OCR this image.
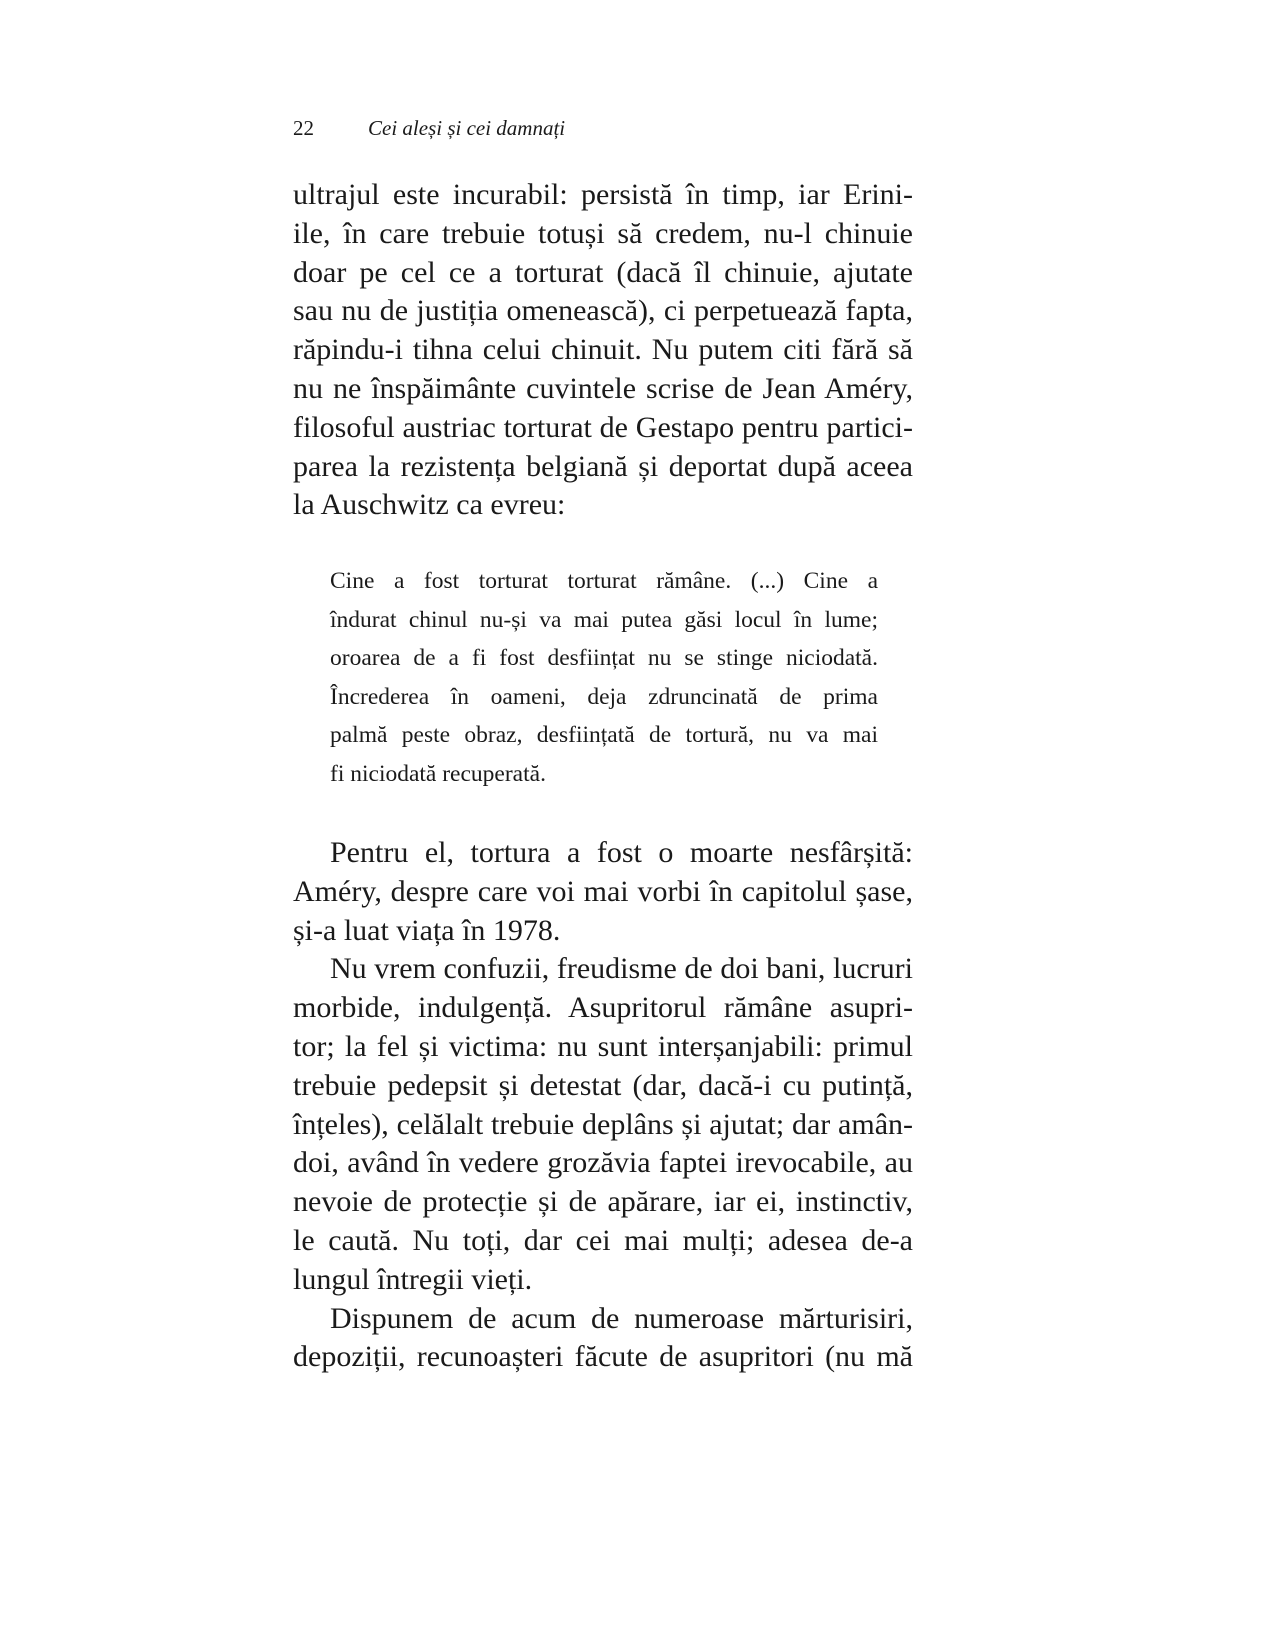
22	Cei aleși și cei damnați
ultrajul este incurabil: persistă în timp, iar Erini-
ile, în care trebuie totuși să credem, nu-l chinuie
doar pe cel ce a torturat (dacă îl chinuie, ajutate
sau nu de justiția omenească), ci perpetuează fapta,
răpindu-i tihna celui chinuit. Nu putem citi fără să
nu ne înspăimânte cuvintele scrise de Jean Améry,
filosoful austriac torturat de Gestapo pentru partici-
parea la rezistența belgiană și deportat după aceea
la Auschwitz ca evreu:
Cine a fost torturat torturat rămâne. (...) Cine a
îndurat chinul nu-și va mai putea găsi locul în lume;
oroarea de a fi fost desființat nu se stinge niciodată.
Încrederea în oameni, deja zdruncinată de prima
palmă peste obraz, desființată de tortură, nu va mai
fi niciodată recuperată.
Pentru el, tortura a fost o moarte nesfârșită:
Améry, despre care voi mai vorbi în capitolul șase,
și-a luat viața în 1978.
Nu vrem confuzii, freudisme de doi bani, lucruri
morbide, indulgență. Asupritorul rămâne asupri-
tor; la fel și victima: nu sunt interșanjabili: primul
trebuie pedepsit și detestat (dar, dacă-i cu putință,
înțeles), celălalt trebuie deplâns și ajutat; dar amân-
doi, având în vedere grozăvia faptei irevocabile, au
nevoie de protecție și de apărare, iar ei, instinctiv,
le caută. Nu toți, dar cei mai mulți; adesea de-a
lungul întregii vieți.
Dispunem de acum de numeroase mărturisiri,
depoziții, recunoașteri făcute de asupritori (nu mă
